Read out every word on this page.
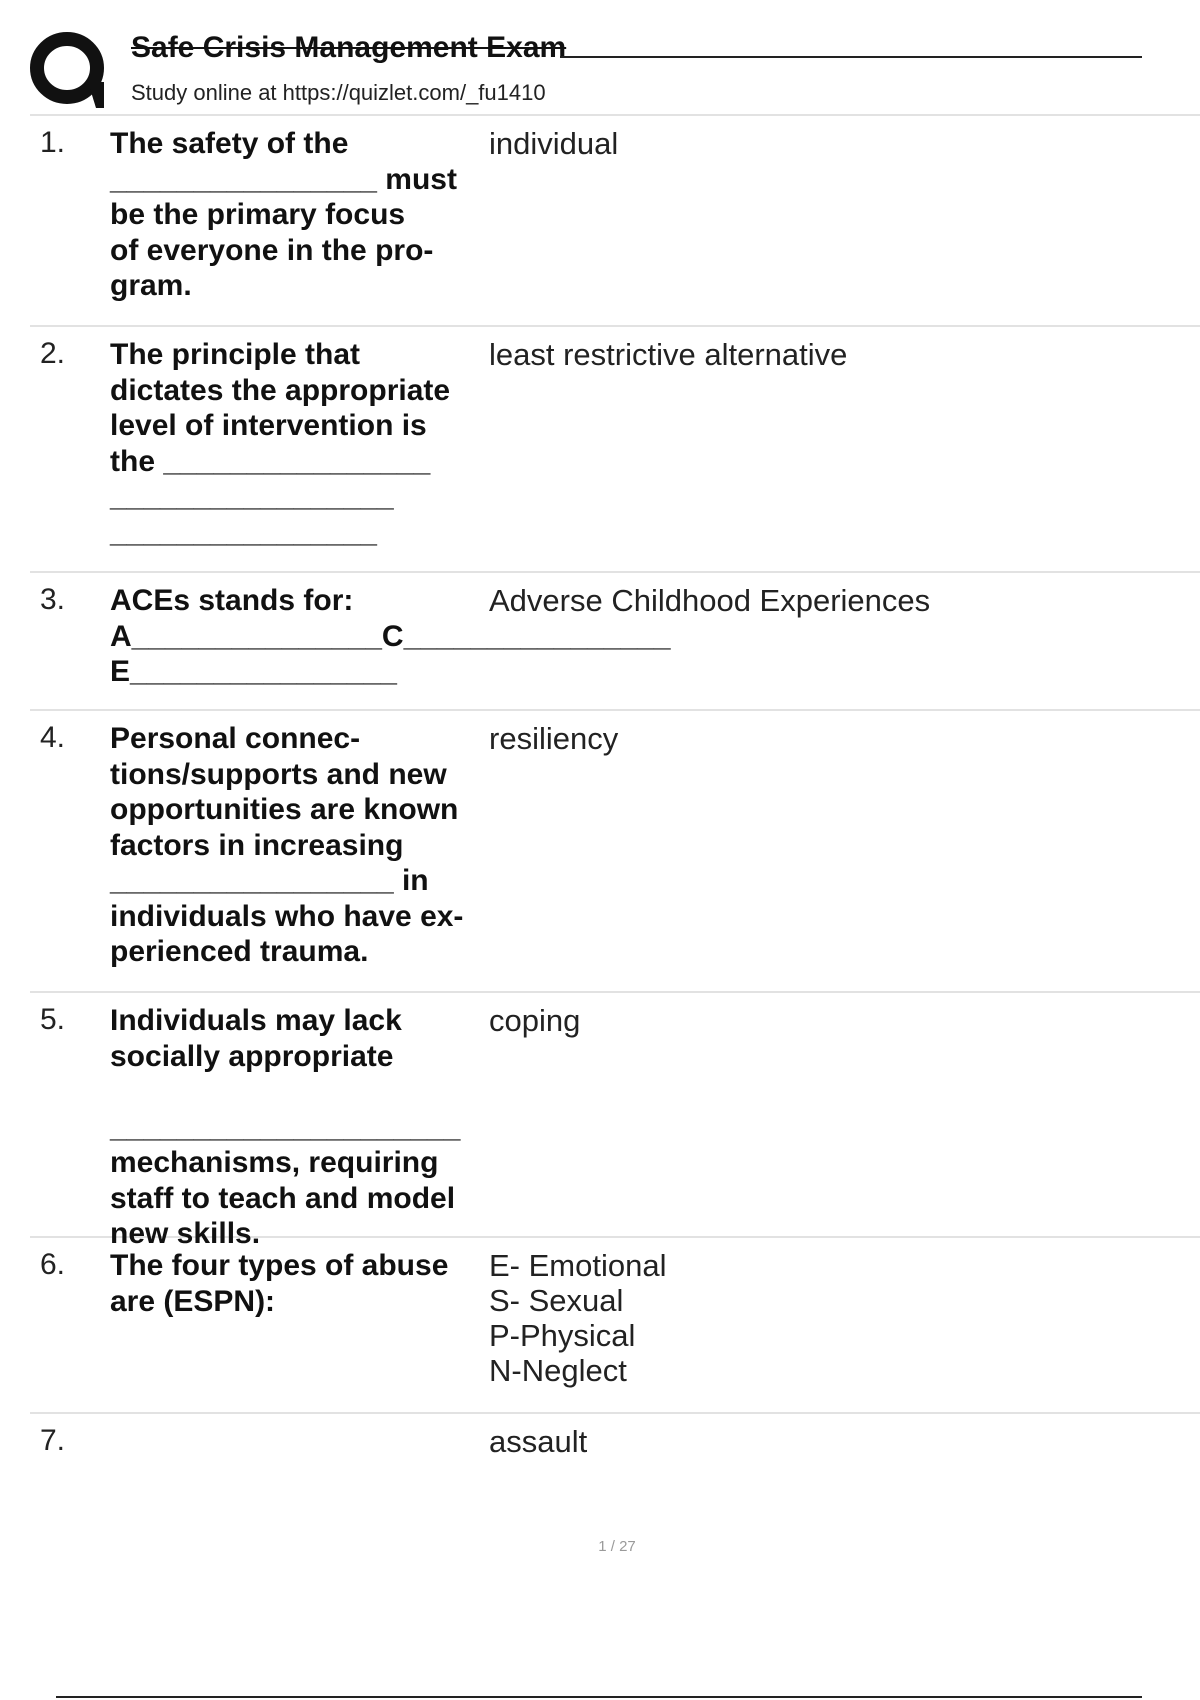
Safe Crisis Management Exam
Study online at https://quizlet.com/_fu1410
1. The safety of the
________________ must
be the primary focus
of everyone in the pro-
gram.
individual
2. The principle that
dictates the appropriate
level of intervention is
the ________________
_________________
________________
least restrictive alternative
3. ACEs stands for:
A_______________C________________
E________________
Adverse Childhood Experiences
4. Personal connec-
tions/supports and new
opportunities are known
factors in increasing
_________________ in
individuals who have ex-
perienced trauma.
resiliency
5. Individuals may lack
socially appropriate

_____________________
mechanisms, requiring
staff to teach and model
new skills.
coping
6. The four types of abuse
are (ESPN):
E- Emotional
S- Sexual
P-Physical
N-Neglect
7.	assault
1 / 27
